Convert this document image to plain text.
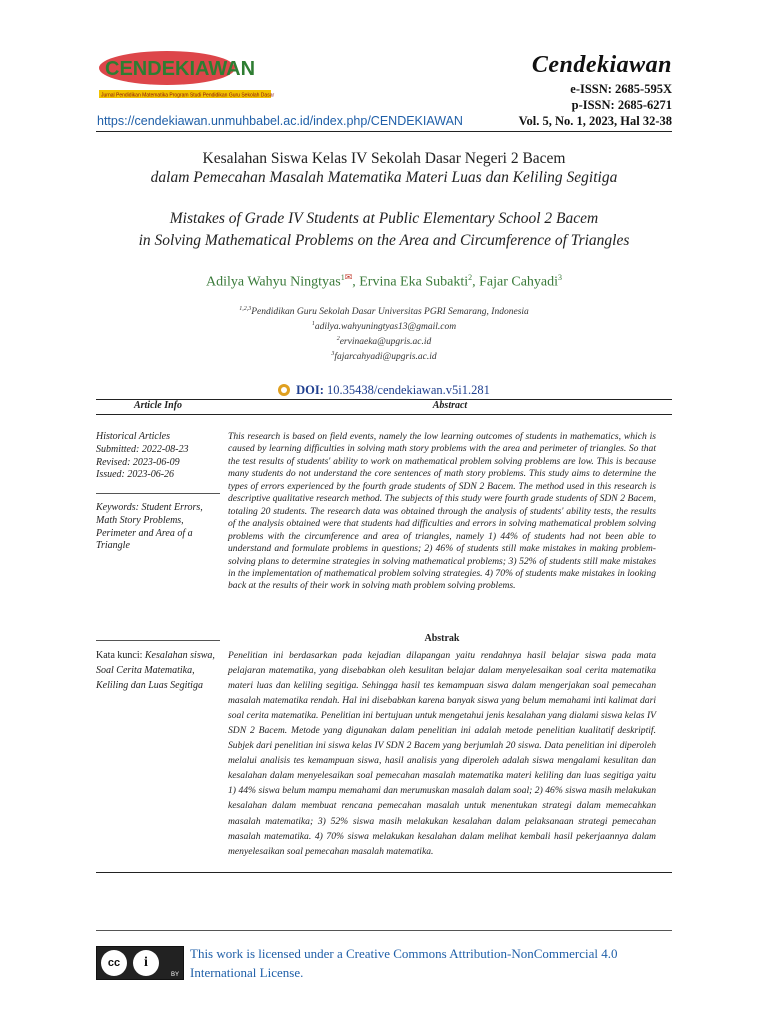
CENDEKIAWAN
Jurnal Pendidikan Matematika Program Studi Pendidikan Guru Sekolah Dasar
https://cendekiawan.unmuhbabel.ac.id/index.php/CENDEKIAWAN
Cendekiawan
e-ISSN: 2685-595X
p-ISSN: 2685-6271
Vol. 5, No. 1, 2023, Hal 32-38
Kesalahan Siswa Kelas IV Sekolah Dasar Negeri 2 Bacem
dalam Pemecahan Masalah Matematika Materi Luas dan Keliling Segitiga
Mistakes of Grade IV Students at Public Elementary School 2 Bacem
in Solving Mathematical Problems on the Area and Circumference of Triangles
Adilya Wahyu Ningtyas$^1$✉, Ervina Eka Subakti$^2$, Fajar Cahyadi$^3$
$^{1,2,3}$Pendidikan Guru Sekolah Dasar Universitas PGRI Semarang, Indonesia
$^1$adilya.wahyuningtyas13@gmail.com
$^2$ervinaeka@upgris.ac.id
$^3$fajarcahyadi@upgris.ac.id
DOI: 10.35438/cendekiawan.v5i1.281
Article Info	Abstract

Historical Articles

Submitted: 2022-08-23

Revised: 2023-06-09

Issued: 2023-06-26

Keywords: Student Errors, Math Story Problems, Perimeter and Area of a Triangle
Kata kunci: Kesalahan siswa, Soal Cerita Matematika, Keliling dan Luas Segitiga
This research is based on field events, namely the low learning outcomes of students in mathematics, which is caused by learning difficulties in solving math story problems with the area and perimeter of triangles. So that the test results of students' ability to work on mathematical problem solving problems are low. This is because many students do not understand the core sentences of math story problems. This study aims to determine the types of errors experienced by the fourth grade students of SDN 2 Bacem. The method used in this research is descriptive qualitative research method. The subjects of this study were fourth grade students of SDN 2 Bacem, totaling 20 students. The research data was obtained through the analysis of students' ability tests, the results of the analysis obtained were that students had difficulties and errors in solving mathematical problem solving problems with the circumference and area of triangles, namely 1) 44% of students had not been able to understand and formulate problems in questions; 2) 46% of students still make mistakes in making problem-solving plans to determine strategies in solving mathematical problems; 3) 52% of students still make mistakes in the implementation of mathematical problem solving strategies. 4) 70% of students make mistakes in looking back at the results of their work in solving math problem solving problems.
Abstrak
Penelitian ini berdasarkan pada kejadian dilapangan yaitu rendahnya hasil belajar siswa pada mata pelajaran matematika, yang disebabkan oleh kesulitan belajar dalam menyelesaikan soal cerita matematika materi luas dan keliling segitiga. Sehingga hasil tes kemampuan siswa dalam mengerjakan soal pemecahan masalah matematika rendah. Hal ini disebabkan karena banyak siswa yang belum memahami inti kalimat dari soal cerita matematika. Penelitian ini bertujuan untuk mengetahui jenis kesalahan yang dialami siswa kelas IV SDN 2 Bacem. Metode yang digunakan dalam penelitian ini adalah metode penelitian kualitatif deskriptif. Subjek dari penelitian ini siswa kelas IV SDN 2 Bacem yang berjumlah 20 siswa. Data penelitian ini diperoleh melalui analisis tes kemampuan siswa, hasil analisis yang diperoleh adalah siswa mengalami kesulitan dan kesalahan dalam menyelesaikan soal pemecahan masalah matematika materi keliling dan luas segitiga yaitu 1) 44% siswa belum mampu memahami dan merumuskan masalah dalam soal; 2) 46% siswa masih melakukan kesalahan dalam membuat rencana pemecahan masalah untuk menentukan strategi dalam memecahkan masalah matematika; 3) 52% siswa masih melakukan kesalahan dalam pelaksanaan strategi pemecahan masalah matematika. 4) 70% siswa melakukan kesalahan dalam melihat kembali hasil pekerjaannya dalam menyelesaikan soal pemecahan masalah matematika.
cc	i
BY
This work is licensed under a Creative Commons Attribution-NonCommercial 4.0 International License.
